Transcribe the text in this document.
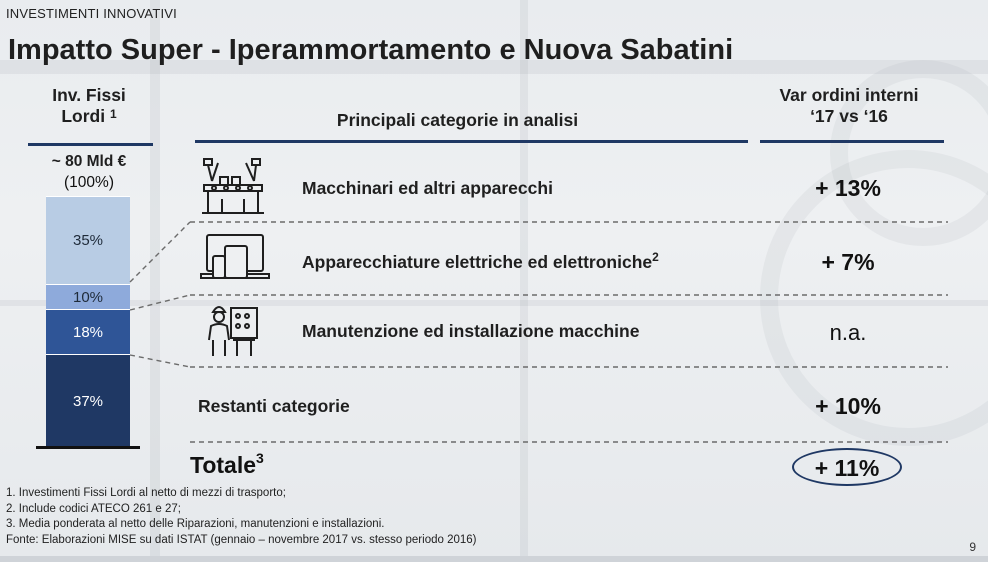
INVESTIMENTI INNOVATIVI
Impatto Super - Iperammortamento e Nuova Sabatini
Inv. Fissi
Lordi $^1$	Principali categorie in analisi
Var ordini interni
‘17 vs ‘16
~ 80 Mld €
(100%)
35%
10%
18%
37%
Macchinari ed altri apparecchi	+ 13%
Apparecchiature elettriche ed elettroniche$^2$	+ 7%
Manutenzione ed installazione macchine	n.a.
Restanti categorie	+ 10%
Totale$^3$	+ 11%
1. Investimenti Fissi Lordi al netto di mezzi di trasporto;
2. Include codici ATECO 261 e 27;
3. Media ponderata al netto delle Riparazioni, manutenzioni e installazioni.
Fonte: Elaborazioni MISE su dati ISTAT (gennaio – novembre 2017 vs. stesso periodo 2016)
9
